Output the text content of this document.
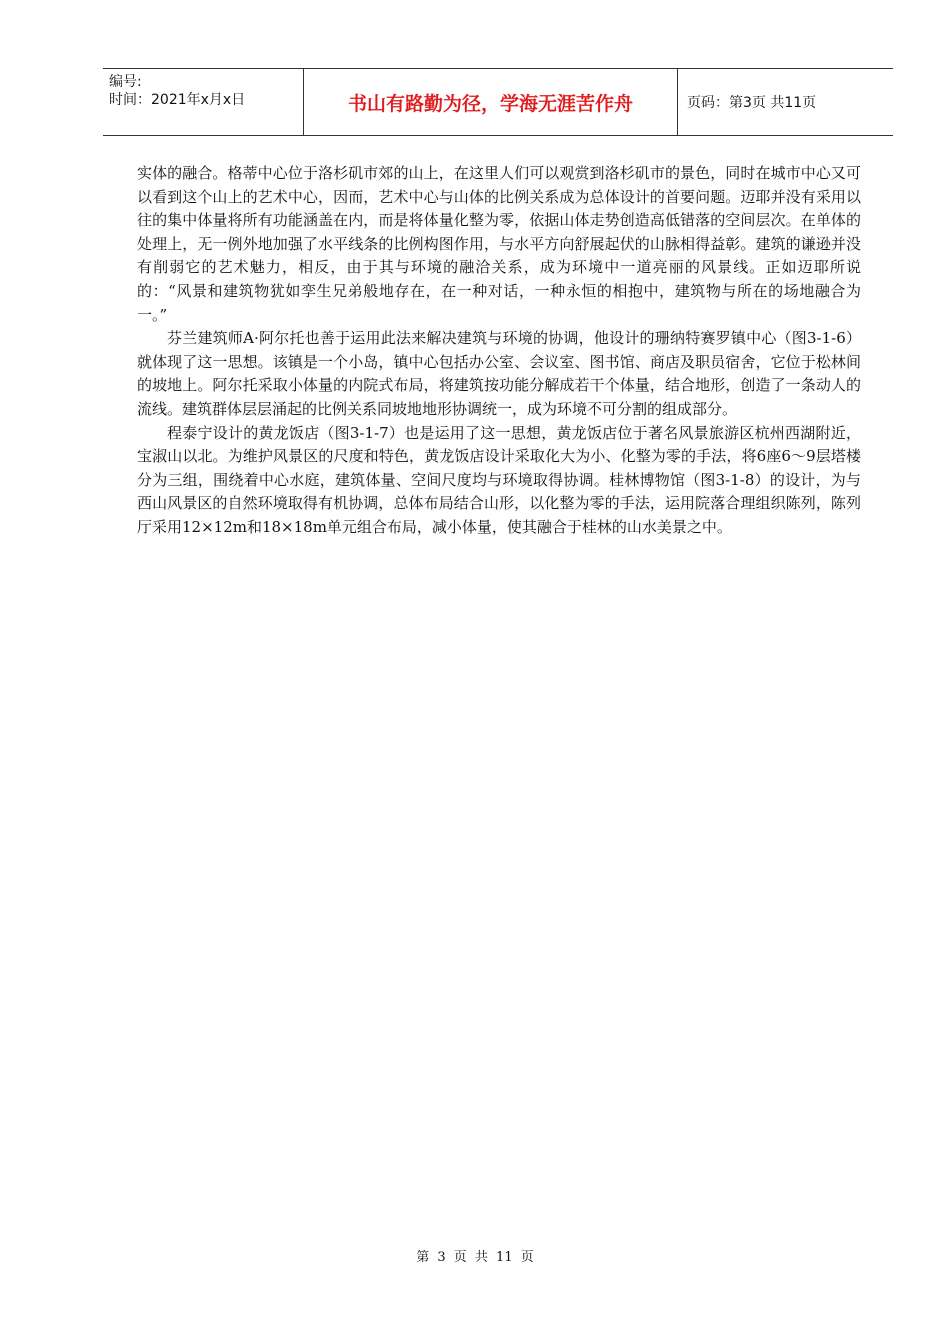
编号:
时间：2021年x月x日	书山有路勤为径，学海无涯苦作舟	页码：第3页 共11页

实体的融合。格蒂中心位于洛杉矶市郊的山上，在这里人们可以观赏到洛杉矶市的景色，同时在城市中心又可以看到这个山上的艺术中心，因而，艺术中心与山体的比例关系成为总体设计的首要问题。迈耶并没有采用以往的集中体量将所有功能涵盖在内，而是将体量化整为零，依据山体走势创造高低错落的空间层次。在单体的处理上，无一例外地加强了水平线条的比例构图作用，与水平方向舒展起伏的山脉相得益彰。建筑的谦逊并没有削弱它的艺术魅力，相反，由于其与环境的融洽关系，成为环境中一道亮丽的风景线。正如迈耶所说的：“风景和建筑物犹如孪生兄弟般地存在，在一种对话，一种永恒的相抱中，建筑物与所在的场地融合为一。”

芬兰建筑师A·阿尔托也善于运用此法来解决建筑与环境的协调，他设计的珊纳特赛罗镇中心（图3-1-6）就体现了这一思想。该镇是一个小岛，镇中心包括办公室、会议室、图书馆、商店及职员宿舍，它位于松林间的坡地上。阿尔托采取小体量的内院式布局，将建筑按功能分解成若干个体量，结合地形，创造了一条动人的流线。建筑群体层层涌起的比例关系同坡地地形协调统一，成为环境不可分割的组成部分。

程泰宁设计的黄龙饭店（图3-1-7）也是运用了这一思想，黄龙饭店位于著名风景旅游区杭州西湖附近，宝淑山以北。为维护风景区的尺度和特色，黄龙饭店设计采取化大为小、化整为零的手法，将6座6～9层塔楼分为三组，围绕着中心水庭，建筑体量、空间尺度均与环境取得协调。桂林博物馆（图3-1-8）的设计，为与西山风景区的自然环境取得有机协调，总体布局结合山形，以化整为零的手法，运用院落合理组织陈列，陈列厅采用12×12m和18×18m单元组合布局，减小体量，使其融合于桂林的山水美景之中。

第 3 页 共 11 页
